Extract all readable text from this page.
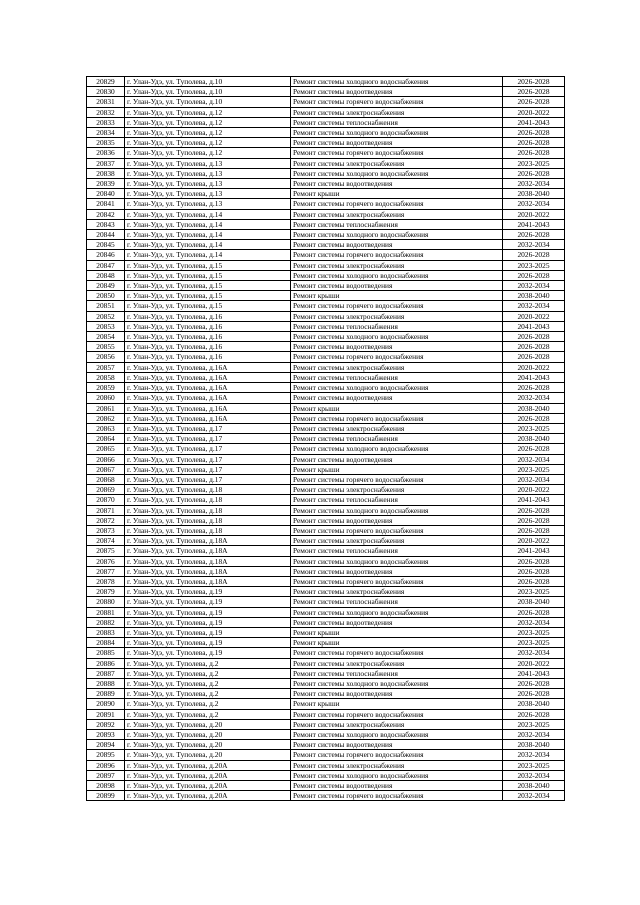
20829	г. Улан-Удэ, ул. Туполева, д.10	Ремонт системы холодного водоснабжения	2026-2028
20830	г. Улан-Удэ, ул. Туполева, д.10	Ремонт системы водоотведения	2026-2028
20831	г. Улан-Удэ, ул. Туполева, д.10	Ремонт системы горячего водоснабжения	2026-2028
20832	г. Улан-Удэ, ул. Туполева, д.12	Ремонт системы электроснабжения	2020-2022
20833	г. Улан-Удэ, ул. Туполева, д.12	Ремонт системы теплоснабжения	2041-2043
20834	г. Улан-Удэ, ул. Туполева, д.12	Ремонт системы холодного водоснабжения	2026-2028
20835	г. Улан-Удэ, ул. Туполева, д.12	Ремонт системы водоотведения	2026-2028
20836	г. Улан-Удэ, ул. Туполева, д.12	Ремонт системы горячего водоснабжения	2026-2028
20837	г. Улан-Удэ, ул. Туполева, д.13	Ремонт системы электроснабжения	2023-2025
20838	г. Улан-Удэ, ул. Туполева, д.13	Ремонт системы холодного водоснабжения	2026-2028
20839	г. Улан-Удэ, ул. Туполева, д.13	Ремонт системы водоотведения	2032-2034
20840	г. Улан-Удэ, ул. Туполева, д.13	Ремонт крыши	2038-2040
20841	г. Улан-Удэ, ул. Туполева, д.13	Ремонт системы горячего водоснабжения	2032-2034
20842	г. Улан-Удэ, ул. Туполева, д.14	Ремонт системы электроснабжения	2020-2022
20843	г. Улан-Удэ, ул. Туполева, д.14	Ремонт системы теплоснабжения	2041-2043
20844	г. Улан-Удэ, ул. Туполева, д.14	Ремонт системы холодного водоснабжения	2026-2028
20845	г. Улан-Удэ, ул. Туполева, д.14	Ремонт системы водоотведения	2032-2034
20846	г. Улан-Удэ, ул. Туполева, д.14	Ремонт системы горячего водоснабжения	2026-2028
20847	г. Улан-Удэ, ул. Туполева, д.15	Ремонт системы электроснабжения	2023-2025
20848	г. Улан-Удэ, ул. Туполева, д.15	Ремонт системы холодного водоснабжения	2026-2028
20849	г. Улан-Удэ, ул. Туполева, д.15	Ремонт системы водоотведения	2032-2034
20850	г. Улан-Удэ, ул. Туполева, д.15	Ремонт крыши	2038-2040
20851	г. Улан-Удэ, ул. Туполева, д.15	Ремонт системы горячего водоснабжения	2032-2034
20852	г. Улан-Удэ, ул. Туполева, д.16	Ремонт системы электроснабжения	2020-2022
20853	г. Улан-Удэ, ул. Туполева, д.16	Ремонт системы теплоснабжения	2041-2043
20854	г. Улан-Удэ, ул. Туполева, д.16	Ремонт системы холодного водоснабжения	2026-2028
20855	г. Улан-Удэ, ул. Туполева, д.16	Ремонт системы водоотведения	2026-2028
20856	г. Улан-Удэ, ул. Туполева, д.16	Ремонт системы горячего водоснабжения	2026-2028
20857	г. Улан-Удэ, ул. Туполева, д.16А	Ремонт системы электроснабжения	2020-2022
20858	г. Улан-Удэ, ул. Туполева, д.16А	Ремонт системы теплоснабжения	2041-2043
20859	г. Улан-Удэ, ул. Туполева, д.16А	Ремонт системы холодного водоснабжения	2026-2028
20860	г. Улан-Удэ, ул. Туполева, д.16А	Ремонт системы водоотведения	2032-2034
20861	г. Улан-Удэ, ул. Туполева, д.16А	Ремонт крыши	2038-2040
20862	г. Улан-Удэ, ул. Туполева, д.16А	Ремонт системы горячего водоснабжения	2026-2028
20863	г. Улан-Удэ, ул. Туполева, д.17	Ремонт системы электроснабжения	2023-2025
20864	г. Улан-Удэ, ул. Туполева, д.17	Ремонт системы теплоснабжения	2038-2040
20865	г. Улан-Удэ, ул. Туполева, д.17	Ремонт системы холодного водоснабжения	2026-2028
20866	г. Улан-Удэ, ул. Туполева, д.17	Ремонт системы водоотведения	2032-2034
20867	г. Улан-Удэ, ул. Туполева, д.17	Ремонт крыши	2023-2025
20868	г. Улан-Удэ, ул. Туполева, д.17	Ремонт системы горячего водоснабжения	2032-2034
20869	г. Улан-Удэ, ул. Туполева, д.18	Ремонт системы электроснабжения	2020-2022
20870	г. Улан-Удэ, ул. Туполева, д.18	Ремонт системы теплоснабжения	2041-2043
20871	г. Улан-Удэ, ул. Туполева, д.18	Ремонт системы холодного водоснабжения	2026-2028
20872	г. Улан-Удэ, ул. Туполева, д.18	Ремонт системы водоотведения	2026-2028
20873	г. Улан-Удэ, ул. Туполева, д.18	Ремонт системы горячего водоснабжения	2026-2028
20874	г. Улан-Удэ, ул. Туполева, д.18А	Ремонт системы электроснабжения	2020-2022
20875	г. Улан-Удэ, ул. Туполева, д.18А	Ремонт системы теплоснабжения	2041-2043
20876	г. Улан-Удэ, ул. Туполева, д.18А	Ремонт системы холодного водоснабжения	2026-2028
20877	г. Улан-Удэ, ул. Туполева, д.18А	Ремонт системы водоотведения	2026-2028
20878	г. Улан-Удэ, ул. Туполева, д.18А	Ремонт системы горячего водоснабжения	2026-2028
20879	г. Улан-Удэ, ул. Туполева, д.19	Ремонт системы электроснабжения	2023-2025
20880	г. Улан-Удэ, ул. Туполева, д.19	Ремонт системы теплоснабжения	2038-2040
20881	г. Улан-Удэ, ул. Туполева, д.19	Ремонт системы холодного водоснабжения	2026-2028
20882	г. Улан-Удэ, ул. Туполева, д.19	Ремонт системы водоотведения	2032-2034
20883	г. Улан-Удэ, ул. Туполева, д.19	Ремонт крыши	2023-2025
20884	г. Улан-Удэ, ул. Туполева, д.19	Ремонт крыши	2023-2025
20885	г. Улан-Удэ, ул. Туполева, д.19	Ремонт системы горячего водоснабжения	2032-2034
20886	г. Улан-Удэ, ул. Туполева, д.2	Ремонт системы электроснабжения	2020-2022
20887	г. Улан-Удэ, ул. Туполева, д.2	Ремонт системы теплоснабжения	2041-2043
20888	г. Улан-Удэ, ул. Туполева, д.2	Ремонт системы холодного водоснабжения	2026-2028
20889	г. Улан-Удэ, ул. Туполева, д.2	Ремонт системы водоотведения	2026-2028
20890	г. Улан-Удэ, ул. Туполева, д.2	Ремонт крыши	2038-2040
20891	г. Улан-Удэ, ул. Туполева, д.2	Ремонт системы горячего водоснабжения	2026-2028
20892	г. Улан-Удэ, ул. Туполева, д.20	Ремонт системы электроснабжения	2023-2025
20893	г. Улан-Удэ, ул. Туполева, д.20	Ремонт системы холодного водоснабжения	2032-2034
20894	г. Улан-Удэ, ул. Туполева, д.20	Ремонт системы водоотведения	2038-2040
20895	г. Улан-Удэ, ул. Туполева, д.20	Ремонт системы горячего водоснабжения	2032-2034
20896	г. Улан-Удэ, ул. Туполева, д.20А	Ремонт системы электроснабжения	2023-2025
20897	г. Улан-Удэ, ул. Туполева, д.20А	Ремонт системы холодного водоснабжения	2032-2034
20898	г. Улан-Удэ, ул. Туполева, д.20А	Ремонт системы водоотведения	2038-2040
20899	г. Улан-Удэ, ул. Туполева, д.20А	Ремонт системы горячего водоснабжения	2032-2034
